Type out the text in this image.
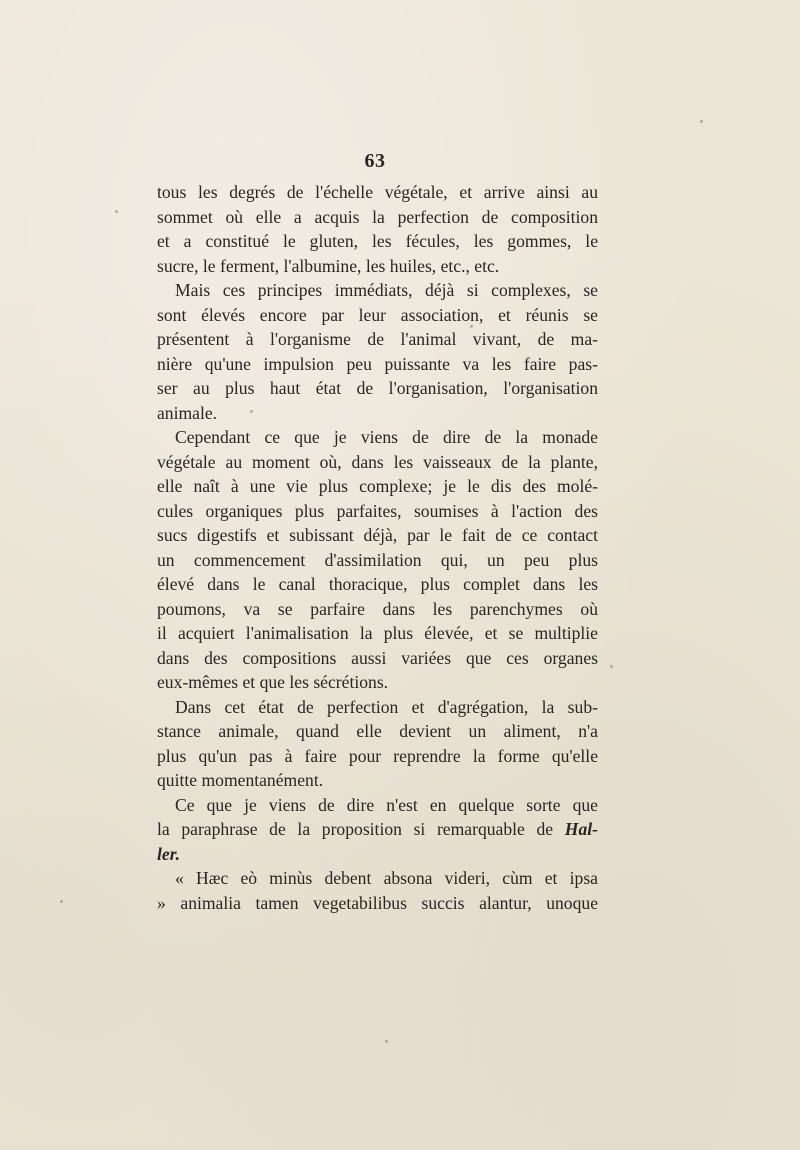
63
tous les degrés de l'échelle végétale, et arrive ainsi au
sommet où elle a acquis la perfection de composition
et a constitué le gluten, les fécules, les gommes, le
sucre, le ferment, l'albumine, les huiles, etc., etc.
Mais ces principes immédiats, déjà si complexes, se
sont élevés encore par leur association, et réunis se
présentent à l'organisme de l'animal vivant, de ma-
nière qu'une impulsion peu puissante va les faire pas-
ser au plus haut état de l'organisation, l'organisation
animale.
Cependant ce que je viens de dire de la monade
végétale au moment où, dans les vaisseaux de la plante,
elle naît à une vie plus complexe; je le dis des molé-
cules organiques plus parfaites, soumises à l'action des
sucs digestifs et subissant déjà, par le fait de ce contact
un commencement d'assimilation qui, un peu plus
élevé dans le canal thoracique, plus complet dans les
poumons, va se parfaire dans les parenchymes où
il acquiert l'animalisation la plus élevée, et se multiplie
dans des compositions aussi variées que ces organes
eux-mêmes et que les sécrétions.
Dans cet état de perfection et d'agrégation, la sub-
stance animale, quand elle devient un aliment, n'a
plus qu'un pas à faire pour reprendre la forme qu'elle
quitte momentanément.
Ce que je viens de dire n'est en quelque sorte que
la paraphrase de la proposition si remarquable de Hal-
ler.
« Hæc eò minùs debent absona videri, cùm et ipsa
» animalia tamen vegetabilibus succis alantur, unoque
